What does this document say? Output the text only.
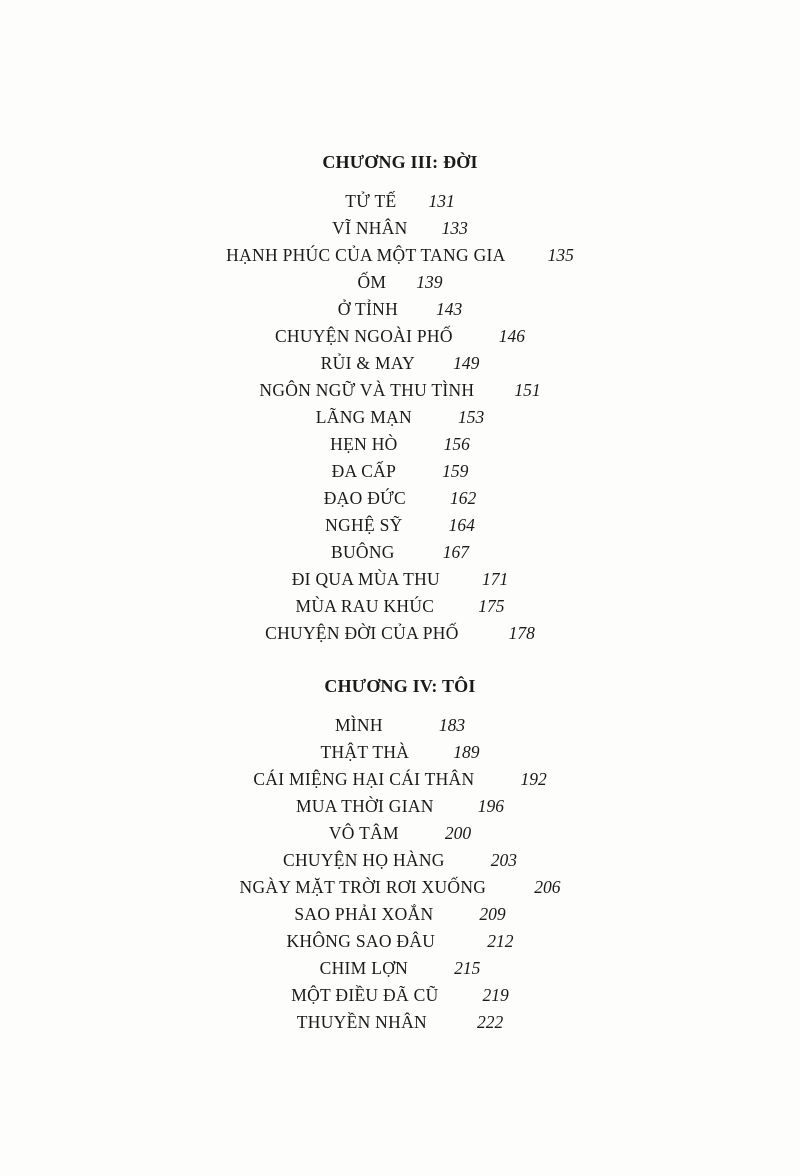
CHƯƠNG III: ĐỜI
TỬ TẾ 131
VĨ NHÂN 133
HẠNH PHÚC CỦA MỘT TANG GIA 135
ỐM 139
Ở TỈNH 143
CHUYỆN NGOÀI PHỐ	146
RỦI & MAY 149
NGÔN NGỮ VÀ THU TÌNH 151
LÃNG MẠN	153
HẸN HÒ	156
ĐA CẤP	159
ĐẠO ĐỨC	162
NGHỆ SỸ	164
BUÔNG	167
ĐI QUA MÙA THU 171
MÙA RAU KHÚC	175
CHUYỆN ĐỜI CỦA PHỐ	178
CHƯƠNG IV: TÔI
MÌNH	183
THẬT THÀ	189
CÁI MIỆNG HẠI CÁI THÂN	192
MUA THỜI GIAN	196
VÔ TÂM	200
CHUYỆN HỌ HÀNG	203
NGÀY MẶT TRỜI RƠI XUỐNG	206
SAO PHẢI XOẮN	209
KHÔNG SAO ĐÂU	212
CHIM LỢN	215
MỘT ĐIỀU ĐÃ CŨ	219
THUYỀN NHÂN	222
